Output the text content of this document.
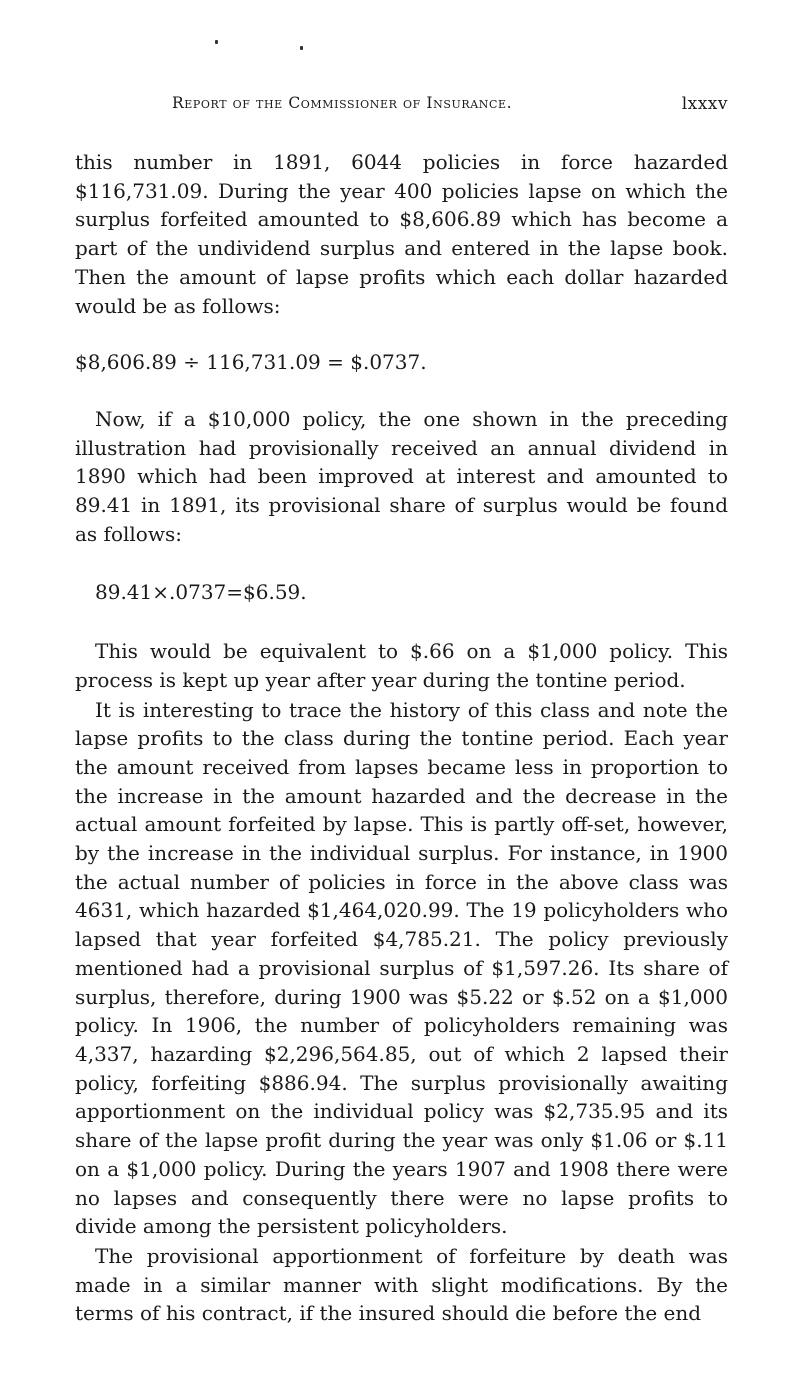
Report of the Commissioner of Insurance.	lxxxv

this number in 1891, 6044 policies in force hazarded $116,731.09. During the year 400 policies lapse on which the surplus forfeited amounted to $8,606.89 which has become a part of the undividend surplus and entered in the lapse book. Then the amount of lapse profits which each dollar hazarded would be as follows:

$8,606.89 ÷ 116,731.09 = $.0737.

Now, if a $10,000 policy, the one shown in the preceding illustration had provisionally received an annual dividend in 1890 which had been improved at interest and amounted to 89.41 in 1891, its provisional share of surplus would be found as follows:

89.41×.0737=$6.59.

This would be equivalent to $.66 on a $1,000 policy. This process is kept up year after year during the tontine period.

It is interesting to trace the history of this class and note the lapse profits to the class during the tontine period. Each year the amount received from lapses became less in proportion to the increase in the amount hazarded and the decrease in the actual amount forfeited by lapse. This is partly off-set, however, by the increase in the individual surplus. For instance, in 1900 the actual number of policies in force in the above class was 4631, which hazarded $1,464,020.99. The 19 policyholders who lapsed that year forfeited $4,785.21. The policy previously mentioned had a provisional surplus of $1,597.26. Its share of surplus, therefore, during 1900 was $5.22 or $.52 on a $1,000 policy. In 1906, the number of policyholders remaining was 4,337, hazarding $2,296,564.85, out of which 2 lapsed their policy, forfeiting $886.94. The surplus provisionally awaiting apportionment on the individual policy was $2,735.95 and its share of the lapse profit during the year was only $1.06 or $.11 on a $1,000 policy. During the years 1907 and 1908 there were no lapses and consequently there were no lapse profits to divide among the persistent policyholders.

The provisional apportionment of forfeiture by death was made in a similar manner with slight modifications. By the terms of his contract, if the insured should die before the end
